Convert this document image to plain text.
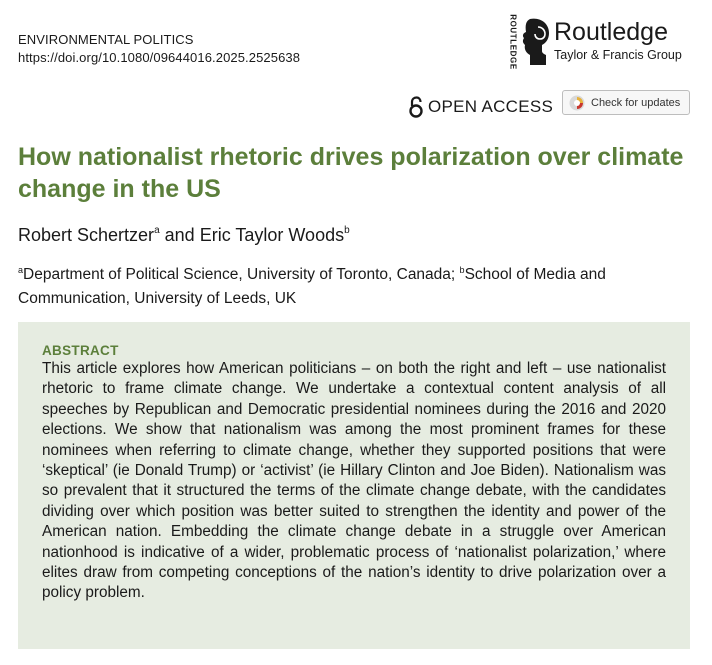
ENVIRONMENTAL POLITICS
https://doi.org/10.1080/09644016.2025.2525638	ROUTLEDGE Routledge
Taylor & Francis Group
OPEN ACCESS	Check for updates
How nationalist rhetoric drives polarization over climate change in the US
Robert Schertzer$^a$ and Eric Taylor Woods$^b$
$^a$Department of Political Science, University of Toronto, Canada; $^b$School of Media and Communication, University of Leeds, UK
ABSTRACT

This article explores how American politicians – on both the right and left – use nationalist rhetoric to frame climate change. We undertake a contextual content analysis of all speeches by Republican and Democratic presidential nominees during the 2016 and 2020 elections. We show that nationalism was among the most prominent frames for these nominees when referring to climate change, whether they supported positions that were ‘skeptical’ (ie Donald Trump) or ‘activist’ (ie Hillary Clinton and Joe Biden). Nationalism was so prevalent that it structured the terms of the climate change debate, with the candidates dividing over which position was better suited to strengthen the identity and power of the American nation. Embedding the climate change debate in a struggle over American nationhood is indicative of a wider, problematic process of ‘nationalist polarization,’ where elites draw from competing conceptions of the nation’s identity to drive polarization over a policy problem.
